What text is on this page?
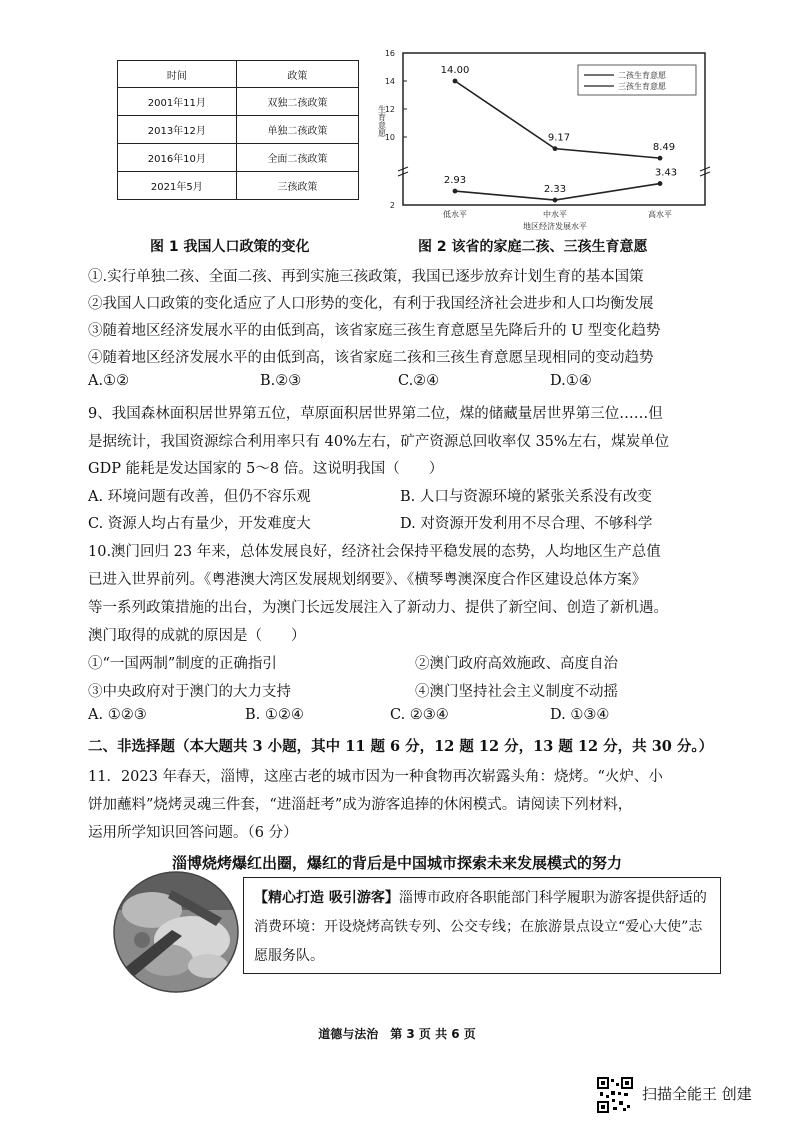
时间	政策
2001年11月	双独二孩政策
2013年12月	单独二孩政策
2016年10月	全面二孩政策
2021年5月	三孩政策
2
10
12
14
16
生育意愿
低水平	中水平	高水平
地区经济发展水平
14.00
9.17
8.49
2.93
2.33
3.43
二孩生育意愿
三孩生育意愿
图 1 我国人口政策的变化	图 2 该省的家庭二孩、三孩生育意愿
①.实行单独二孩、全面二孩、再到实施三孩政策，我国已逐步放弃计划生育的基本国策
②我国人口政策的变化适应了人口形势的变化，有利于我国经济社会进步和人口均衡发展
③随着地区经济发展水平的由低到高，该省家庭三孩生育意愿呈先降后升的 U 型变化趋势
④随着地区经济发展水平的由低到高，该省家庭二孩和三孩生育意愿呈现相同的变动趋势
A.①②	B.②③	C.②④	D.①④
9、我国森林面积居世界第五位，草原面积居世界第二位，煤的储藏量居世界第三位……但
是据统计，我国资源综合利用率只有 40%左右，矿产资源总回收率仅 35%左右，煤炭单位
GDP 能耗是发达国家的 5～8 倍。这说明我国（　　）
A. 环境问题有改善，但仍不容乐观	B. 人口与资源环境的紧张关系没有改变
C. 资源人均占有量少，开发难度大	D. 对资源开发利用不尽合理、不够科学
10.澳门回归 23 年来，总体发展良好，经济社会保持平稳发展的态势，人均地区生产总值
已进入世界前列。《粤港澳大湾区发展规划纲要》、《横琴粤澳深度合作区建设总体方案》
等一系列政策措施的出台，为澳门长远发展注入了新动力、提供了新空间、创造了新机遇。
澳门取得的成就的原因是（　　）
①“一国两制”制度的正确指引	②澳门政府高效施政、高度自治
③中央政府对于澳门的大力支持	④澳门坚持社会主义制度不动摇
A. ①②③	B. ①②④	C. ②③④	D. ①③④
二、非选择题（本大题共 3 小题，其中 11 题 6 分，12 题 12 分，13 题 12 分，共 30 分。）
11．2023 年春天，淄博，这座古老的城市因为一种食物再次崭露头角：烧烤。“火炉、小
饼加蘸料”烧烤灵魂三件套，“进淄赶考”成为游客追捧的休闲模式。请阅读下列材料，
运用所学知识回答问题。（6 分）
淄博烧烤爆红出圈，爆红的背后是中国城市探索未来发展模式的努力
【精心打造 吸引游客】淄博市政府各职能部门科学履职为游客提供舒适的消费环境：开设烧烤高铁专列、公交专线；在旅游景点设立“爱心大使”志愿服务队。
道德与法治　第 3 页 共 6 页
扫描全能王 创建
